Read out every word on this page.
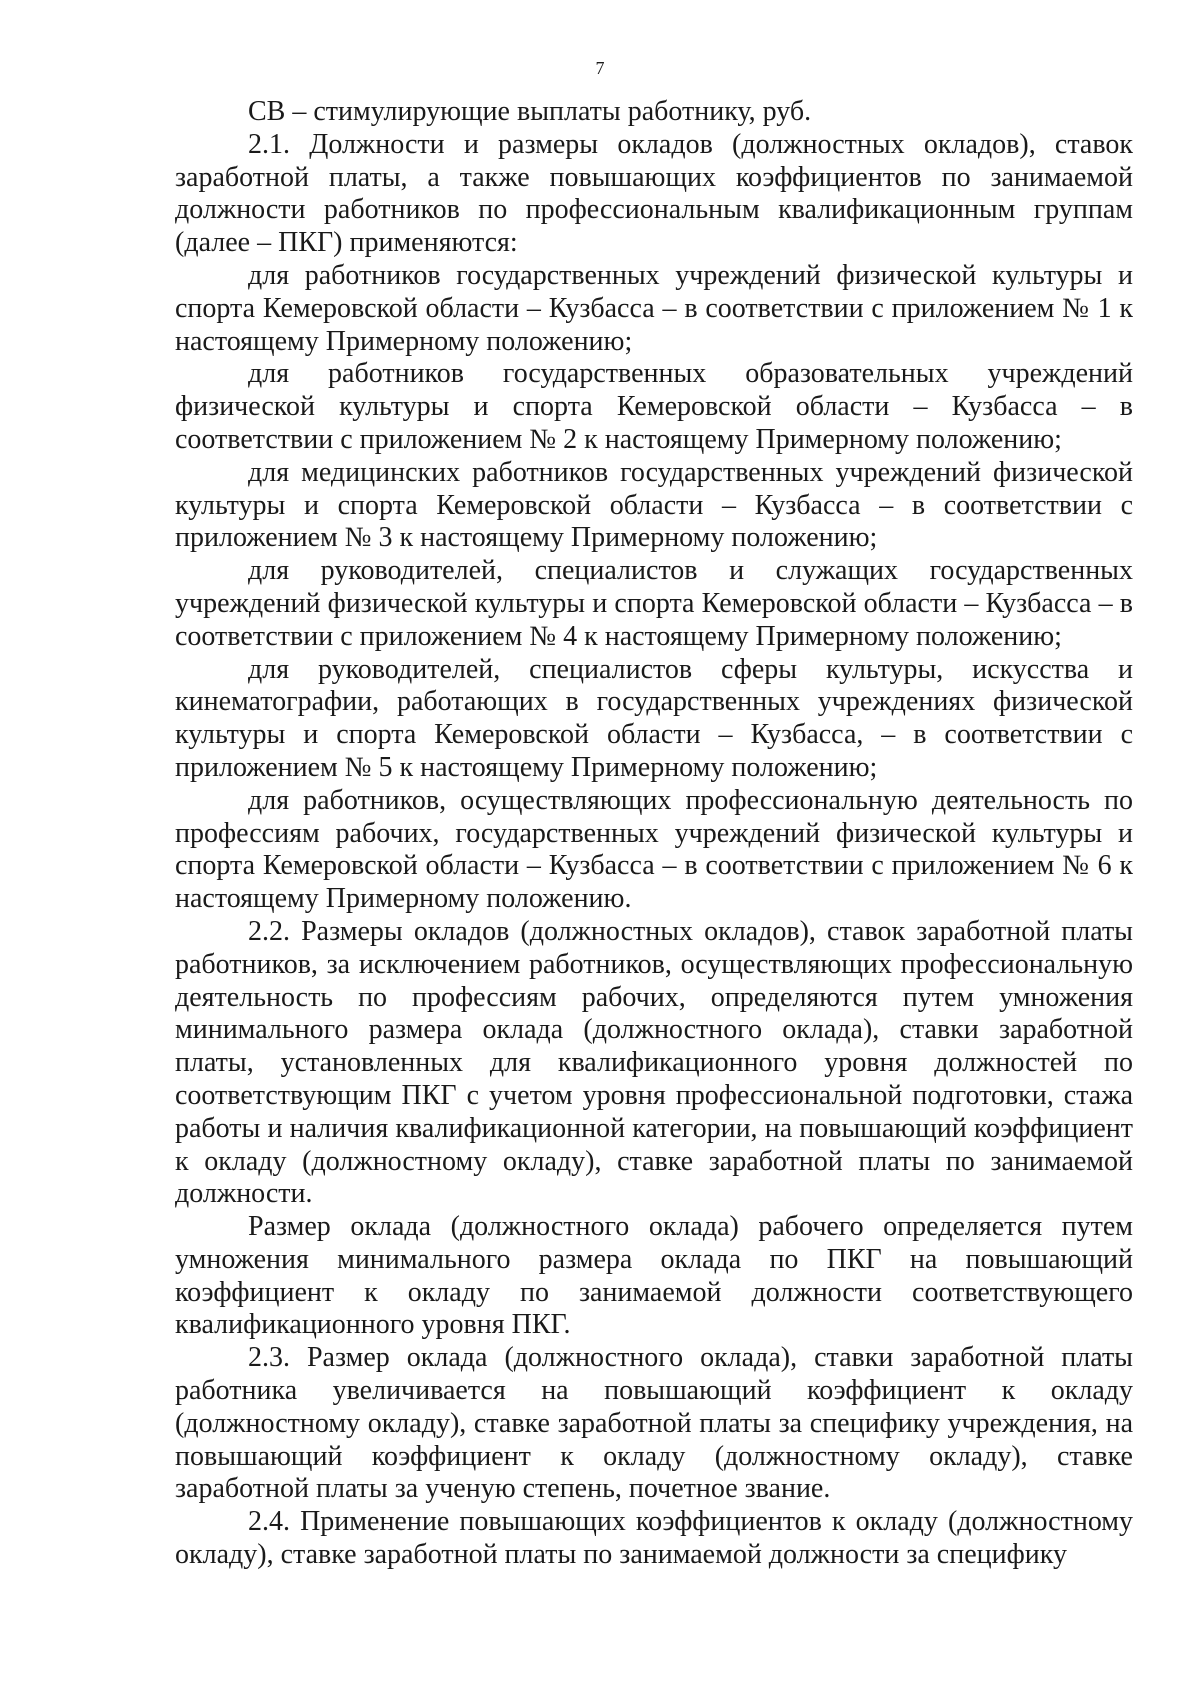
7

СВ – стимулирующие выплаты работнику, руб.

2.1. Должности и размеры окладов (должностных окладов), ставок заработной платы, а также повышающих коэффициентов по занимаемой должности работников по профессиональным квалификационным группам (далее – ПКГ) применяются:

для работников государственных учреждений физической культуры и спорта Кемеровской области – Кузбасса – в соответствии с приложением № 1 к настоящему Примерному положению;

для работников государственных образовательных учреждений физической культуры и спорта Кемеровской области – Кузбасса – в соответствии с приложением № 2 к настоящему Примерному положению;

для медицинских работников государственных учреждений физической культуры и спорта Кемеровской области – Кузбасса – в соответствии с приложением № 3 к настоящему Примерному положению;

для руководителей, специалистов и служащих государственных учреждений физической культуры и спорта Кемеровской области – Кузбасса – в соответствии с приложением № 4 к настоящему Примерному положению;

для руководителей, специалистов сферы культуры, искусства и кинематографии, работающих в государственных учреждениях физической культуры и спорта Кемеровской области – Кузбасса, – в соответствии с приложением № 5 к настоящему Примерному положению;

для работников, осуществляющих профессиональную деятельность по профессиям рабочих, государственных учреждений физической культуры и спорта Кемеровской области – Кузбасса – в соответствии с приложением № 6 к настоящему Примерному положению.

2.2. Размеры окладов (должностных окладов), ставок заработной платы работников, за исключением работников, осуществляющих профессиональную деятельность по профессиям рабочих, определяются путем умножения минимального размера оклада (должностного оклада), ставки заработной платы, установленных для квалификационного уровня должностей по соответствующим ПКГ с учетом уровня профессиональной подготовки, стажа работы и наличия квалификационной категории, на повышающий коэффициент к окладу (должностному окладу), ставке заработной платы по занимаемой должности.

Размер оклада (должностного оклада) рабочего определяется путем умножения минимального размера оклада по ПКГ на повышающий коэффициент к окладу по занимаемой должности соответствующего квалификационного уровня ПКГ.

2.3. Размер оклада (должностного оклада), ставки заработной платы работника увеличивается на повышающий коэффициент к окладу (должностному окладу), ставке заработной платы за специфику учреждения, на повышающий коэффициент к окладу (должностному окладу), ставке заработной платы за ученую степень, почетное звание.

2.4. Применение повышающих коэффициентов к окладу (должностному окладу), ставке заработной платы по занимаемой должности за специфику
